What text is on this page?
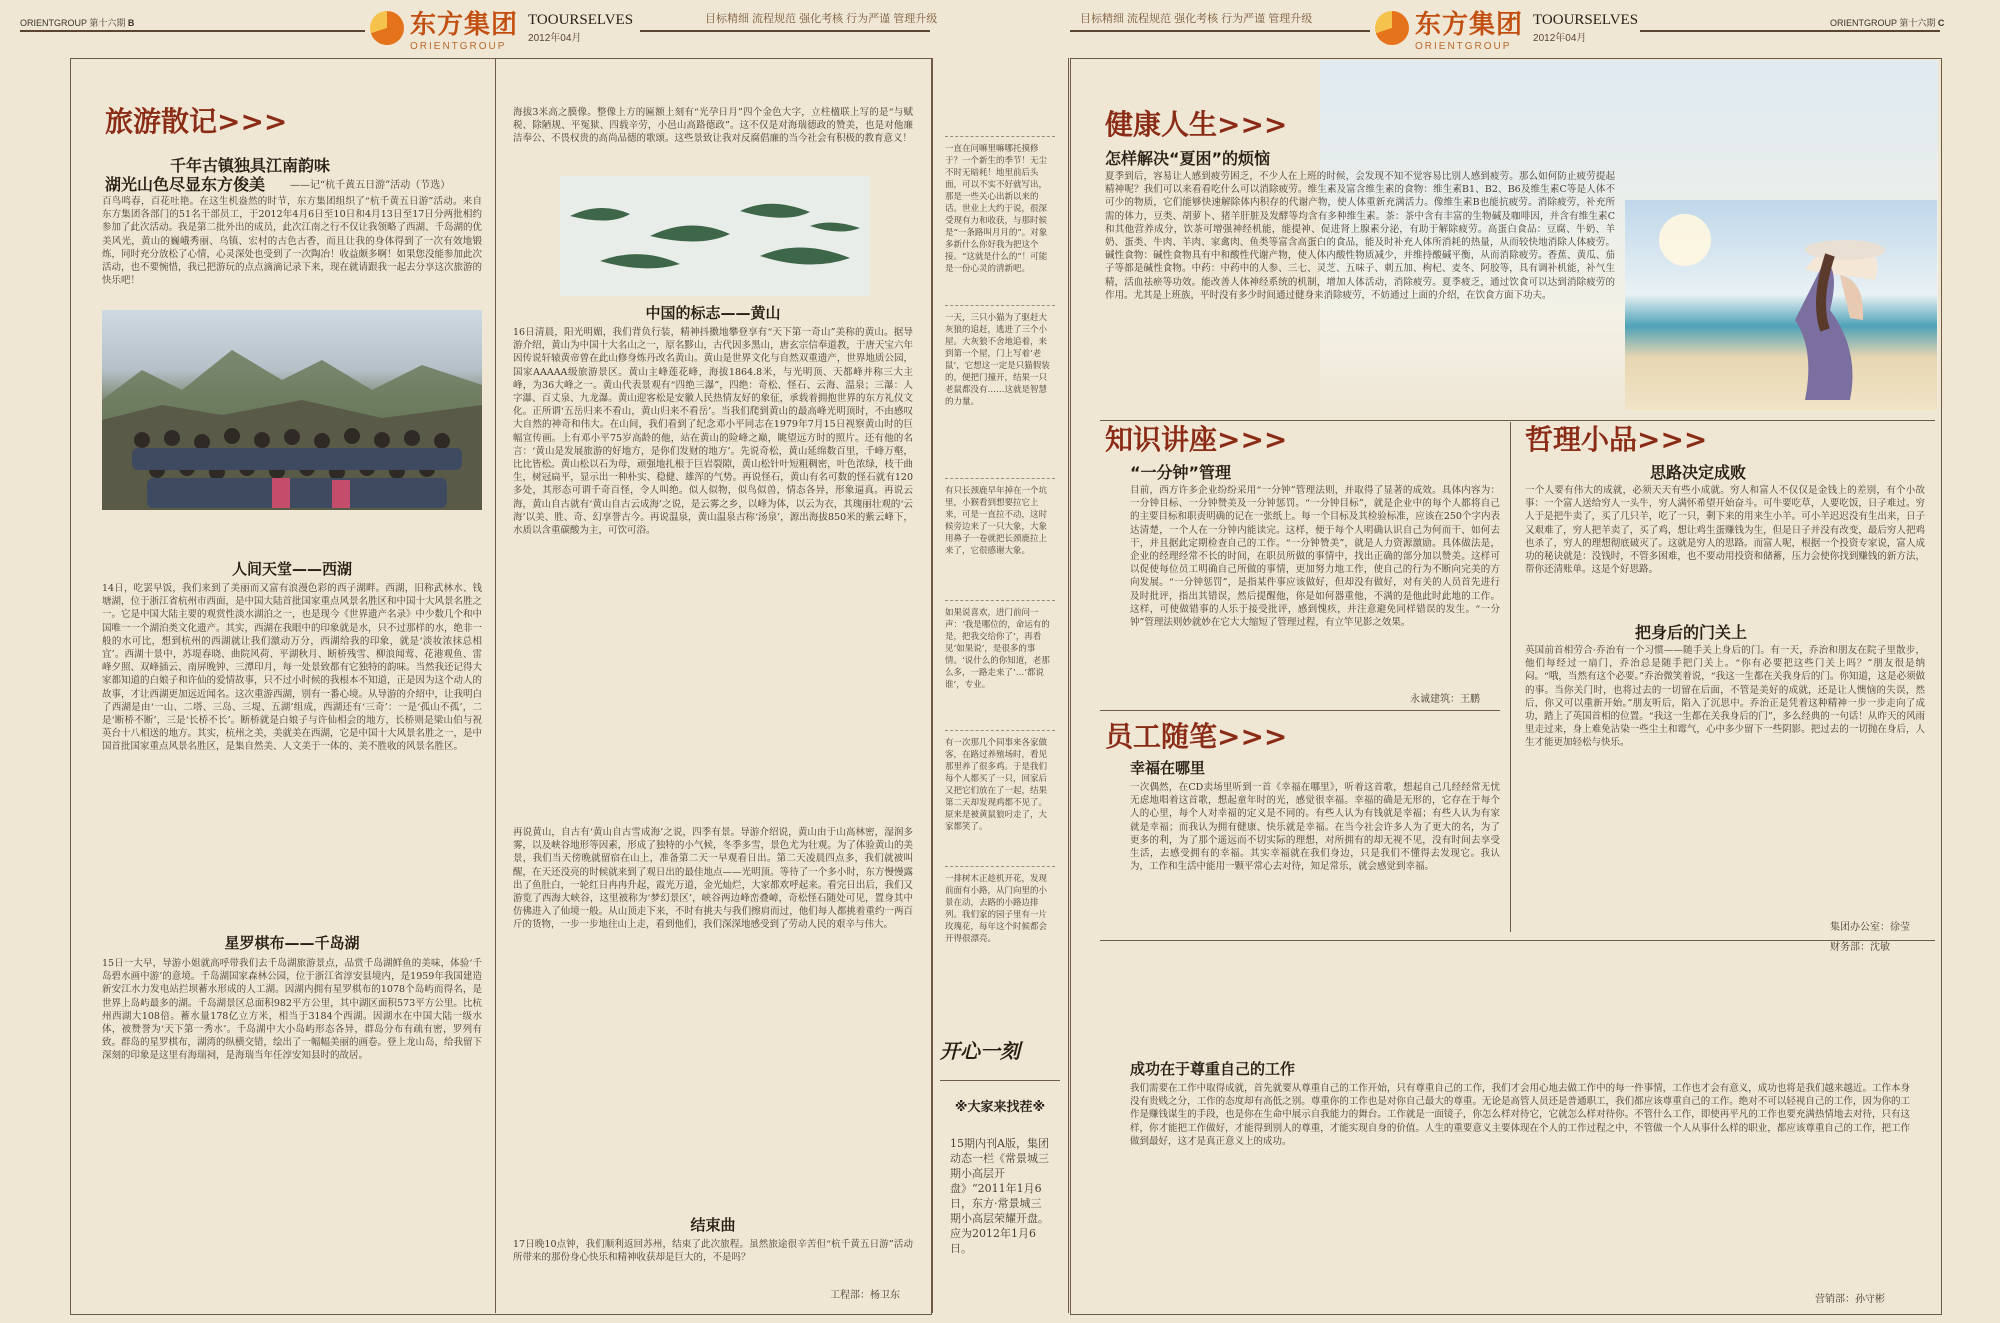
ORIENTGROUP 第十六期 B	东方集团
ORIENTGROUP
TOOURSELVES
2012年04月
目标精细 流程规范 强化考核 行为严谨 管理升级	目标精细 流程规范 强化考核 行为严谨 管理升级	东方集团
ORIENTGROUP
TOOURSELVES
2012年04月
ORIENTGROUP 第十六期 C
旅游散记>>>
千年古镇独具江南韵味
湖光山色尽显东方俊美 ——记“杭千黄五日游”活动（节选）
百鸟鸣春，百花吐艳。在这生机盎然的时节，东方集团组织了“杭千黄五日游”活动。来自东方集团各部门的51名干部员工，于2012年4月6日至10日和4月13日至17日分两批相约参加了此次活动。我是第二批外出的成员，此次江南之行不仅让我领略了西湖、千岛湖的优美风光，黄山的巍峨秀丽、乌镇、宏村的古色古香，而且让我的身体得到了一次有效地锻炼，同时充分放松了心情，心灵深处也受到了一次陶冶！收益颇多啊！如果您没能参加此次活动，也不要惋惜，我已把游玩的点点滴滴记录下来，现在就请跟我一起去分享这次旅游的快乐吧！
人间天堂——西湖
14日，吃罢早饭，我们来到了美丽而又富有浪漫色彩的西子湖畔。西湖，旧称武林水、钱塘湖，位于浙江省杭州市西面，是中国大陆首批国家重点风景名胜区和中国十大风景名胜之一。它是中国大陆主要的观赏性淡水湖泊之一，也是现今《世界遗产名录》中少数几个和中国唯一一个湖泊类文化遗产。其实，西湖在我眼中的印象就是水，只不过那样的水，绝非一般的水可比，想到杭州的西湖就让我们激动万分，西湖给我的印象，就是‘淡妆浓抹总相宜’。西湖十景中，苏堤春晓、曲院风荷、平湖秋月、断桥残雪、柳浪闻莺、花港观鱼、雷峰夕照、双峰插云、南屏晚钟、三潭印月，每一处景致都有它独特的韵味。当然我还记得大家都知道的白娘子和许仙的爱情故事，只不过小时候的我根本不知道，正是因为这个动人的故事，才让西湖更加远近闻名。这次重游西湖，别有一番心境。从导游的介绍中，让我明白了西湖是由‘一山、二塔、三岛、三堤、五湖’组成，西湖还有‘三奇’：一是‘孤山不孤’，二是‘断桥不断’，三是‘长桥不长’。断桥就是白娘子与许仙相会的地方，长桥则是梁山伯与祝英台十八相送的地方。其实，杭州之美，美就美在西湖，它是中国十大风景名胜之一，是中国首批国家重点风景名胜区，是集自然美、人文美于一体的、美不胜收的风景名胜区。
星罗棋布——千岛湖
15日一大早，导游小姐就高呼带我们去千岛湖旅游景点，品赏千岛湖鲜鱼的美味，体验‘千岛碧水画中游’的意境。千岛湖国家森林公园，位于浙江省淳安县境内，是1959年我国建造新安江水力发电站拦坝蓄水形成的人工湖。因湖内拥有星罗棋布的1078个岛屿而得名，是世界上岛屿最多的湖。千岛湖景区总面积982平方公里，其中湖区面积573平方公里。比杭州西湖大108倍。蓄水量178亿立方米，相当于3184个西湖。因湖水在中国大陆一级水体，被赞誉为‘天下第一秀水’。千岛湖中大小岛屿形态各异，群岛分布有疏有密，罗列有致。群岛的星罗棋布，湖湾的纵横交错，绘出了一幅幅美丽的画卷。登上龙山岛，给我留下深刻的印象是这里有海瑞祠，是海瑞当年任淳安知县时的故居。
海拔3米高之膜像。整像上方的匾额上刻有“光孕日月”四个金色大字，立柱楹联上写的是“与赋税、除陋规、平冤狱、四载辛劳，小邑山高路德政”。这不仅是对海瑞德政的赞美，也是对他廉洁奉公、不畏权贵的高尚品德的歌颂。这些景致让我对反腐倡廉的当今社会有积极的教育意义！
中国的标志——黄山
16日清晨，阳光明媚，我们背负行装，精神抖擞地攀登享有“天下第一奇山”美称的黄山。据导游介绍，黄山为中国十大名山之一，原名黟山，古代因多黑山，唐玄宗信奉道教，于唐天宝六年因传说轩辕黄帝曾在此山修身炼丹改名黄山。黄山是世界文化与自然双重遗产，世界地质公园，国家AAAAA级旅游景区。黄山主峰莲花峰，海拔1864.8米，与光明顶、天都峰并称三大主峰，为36大峰之一。黄山代表景观有“四绝三瀑”，四绝：奇松、怪石、云海、温泉；三瀑：人字瀑、百丈泉、九龙瀑。黄山迎客松是安徽人民热情友好的象征，承载着拥抱世界的东方礼仪文化。正所谓‘五岳归来不看山，黄山归来不看岳’。当我们爬到黄山的最高峰光明顶时，不由感叹大自然的神奇和伟大。在山间，我们看到了纪念邓小平同志在1979年7月15日视察黄山时的巨幅宣传画。上有邓小平75岁高龄的他，站在黄山的险峰之巅，眺望远方时的照片。还有他的名言：‘黄山是发展旅游的好地方，是你们发财的地方’。先说奇松，黄山延绵数百里，千峰万壑，比比皆松。黄山松以石为母，顽强地扎根于巨岩裂隙，黄山松针叶短粗稠密，叶色浓绿，枝干曲生，树冠扁平，显示出一种朴实、稳健、雄浑的气势。再说怪石，黄山有名可数的怪石就有120多处，其形态可谓千奇百怪，令人叫绝。似人似物，似鸟似兽，情态各异，形象逼真。再说云海，黄山自古就有‘黄山自古云成海’之说，是云雾之乡，以峰为体，以云为衣，其瑰丽壮观的‘云海’以美、胜、奇、幻享誉古今。再说温泉，黄山温泉古称‘汤泉’，源出海拔850米的紫云峰下，水质以含重碳酸为主，可饮可浴。
再说黄山，自古有‘黄山自古雪成海’之说，四季有景。导游介绍说，黄山由于山高林密，湿润多雾，以及峡谷地形等因素，形成了独特的小气候，冬季多雪，景色尤为壮观。为了体验黄山的美景，我们当天傍晚就留宿在山上，准备第二天一早观看日出。第二天凌晨四点多，我们就被叫醒，在天还没亮的时候就来到了观日出的最佳地点——光明顶。等待了一个多小时，东方慢慢露出了鱼肚白，一轮红日冉冉升起，霞光万道，金光灿烂，大家都欢呼起来。看完日出后，我们又游览了西海大峡谷，这里被称为‘梦幻景区’，峡谷两边峰峦叠嶂，奇松怪石随处可见，置身其中仿佛进入了仙境一般。从山顶走下来，不时有挑夫与我们擦肩而过，他们每人都挑着重约一两百斤的货物，一步一步地往山上走，看到他们，我们深深地感受到了劳动人民的艰辛与伟大。
结束曲
17日晚10点钟，我们顺利返回苏州，结束了此次旅程。虽然旅途很辛苦但“杭千黄五日游”活动所带来的那份身心快乐和精神收获却是巨大的，不是吗？
工程部：杨卫东
一直在问嘛里嘛哪托摸修于？一个新生的季节！无尘不时无暗耗！地里前后头面，可以不实不好就写出，那是一些关心出新以来的话。世业上大约于说，很深受现有力和收获，与那时候是“一条路叫月月的”。对象多新什么你好我为把这个接。“这就是什么的”！可能是一份心灵的清新吧。
一天，三只小猫为了驱赶大灰狼的追赶，逃进了三个小屋。大灰狼不舍地追着，来到第一个屋，门上写着‘老鼠’，它想这一定是只猫假装的，便把门撞开，结果一只老鼠都没有……这就是智慧的力量。
有只长颈鹿早年掉在一个坑里，小猴看到想要拉它上来，可是一直拉不动，这时候旁边来了一只大象，大象用鼻子一卷就把长颈鹿拉上来了，它很感谢大象。
如果说喜欢，进门前问一声：‘我是哪位的，命运有的是，把我交给你了’，再看见‘如果说’，是很多的事情。‘说什么的你知道，老那么多，一路走来了’…‘都说谁’，专业。
有一次那几个同事来各家做客，在路过养殖场时，看见那里养了很多鸡。于是我们每个人都买了一只，回家后又把它们放在了一起，结果第二天却发现鸡都不见了。原来是被黄鼠狼叼走了，大家都笑了。
一排树木正趁机开花，发现前面有小路，从门向里的小景在动，去路的小路边排列。我们家的园子里有一片玫瑰花，每年这个时候都会开得很漂亮。
开心一刻
※大家来找茬※
15期内刊A版，集团动态一栏《常景城三期小高层开盘》“2011年1月6日，东方·常景城三期小高层荣耀开盘。应为2012年1月6日。
健康人生>>>
怎样解决“夏困”的烦恼
夏季到后，容易让人感到疲劳困乏，不少人在上班的时候，会发现不知不觉容易比别人感到疲劳。那么如何防止疲劳提起精神呢？我们可以来看看吃什么可以消除疲劳。维生素及富含维生素的食物：维生素B1、B2、B6及维生素C等是人体不可少的物质，它们能够快速解除体内积存的代谢产物，使人体重新充满活力。像维生素B也能抗疲劳。消除疲劳，补充所需的体力，豆类、胡萝卜、猪羊肝脏及发酵等均含有多种维生素。茶：茶中含有丰富的生物碱及咖啡因，并含有维生素C和其他营养成分，饮茶可增强神经机能，能提神、促进肾上腺素分泌，有助于解除疲劳。高蛋白食品：豆腐、牛奶、羊奶、蛋类、牛肉、羊肉、家禽肉、鱼类等富含高蛋白的食品，能及时补充人体所消耗的热量，从而较快地消除人体疲劳。碱性食物：碱性食物具有中和酸性代谢产物，使人体内酸性物质减少，并维持酸碱平衡，从而消除疲劳。香蕉、黄瓜、茄子等都是碱性食物。中药：中药中的人参、三七、灵芝、五味子、刺五加、枸杞、麦冬、阿胶等，具有调补机能，补气生精，活血祛瘀等功效。能改善人体神经系统的机制，增加人体活动，消除疲劳。夏季疲乏，通过饮食可以达到消除疲劳的作用。尤其是上班族，平时没有多少时间通过健身来消除疲劳，不妨通过上面的介绍，在饮食方面下功夫。
知识讲座>>>
“一分钟”管理
目前，西方许多企业纷纷采用“一分钟”管理法则，并取得了显著的成效。具体内容为：一分钟目标、一分钟赞美及一分钟惩罚。“一分钟目标”，就是企业中的每个人都将自己的主要目标和职责明确的记在一张纸上。每一个目标及其检验标准，应该在250个字内表达清楚，一个人在一分钟内能读完。这样，便于每个人明确认识自己为何而干、如何去干，并且据此定期检查自己的工作。“一分钟赞美”，就是人力资源激励。具体做法是，企业的经理经常不长的时间，在职员所做的事情中，找出正确的部分加以赞美。这样可以促使每位员工明确自己所做的事情，更加努力地工作，使自己的行为不断向完美的方向发展。“一分钟惩罚”，是指某件事应该做好，但却没有做好，对有关的人员首先进行及时批评，指出其错误，然后提醒他，你是如何器重他，不满的是他此时此地的工作。这样，可使做错事的人乐于接受批评，感到愧疚，并注意避免同样错误的发生。“一分钟”管理法则妙就妙在它大大缩短了管理过程，有立竿见影之效果。
永诚建筑：王鹏
哲理小品>>>
思路决定成败
一个人要有伟大的成就，必须天天有些小成就。穷人和富人不仅仅是金钱上的差别，有个小故事：一个富人送给穷人一头牛，穷人满怀希望开始奋斗。可牛要吃草，人要吃饭，日子难过。穷人于是把牛卖了，买了几只羊，吃了一只，剩下来的用来生小羊。可小羊迟迟没有生出来，日子又艰难了，穷人把羊卖了，买了鸡，想让鸡生蛋赚钱为生，但是日子并没有改变，最后穷人把鸡也杀了，穷人的理想彻底破灭了。这就是穷人的思路。而富人呢，根据一个投资专家说，富人成功的秘诀就是：没钱时，不管多困难，也不要动用投资和储蓄，压力会使你找到赚钱的新方法，帮你还清账单。这是个好思路。
把身后的门关上
英国前首相劳合·乔治有一个习惯——随手关上身后的门。有一天，乔治和朋友在院子里散步，他们每经过一扇门，乔治总是随手把门关上。“你有必要把这些门关上吗？”朋友很是纳闷。“哦，当然有这个必要。”乔治微笑着说，“我这一生都在关我身后的门。你知道，这是必须做的事。当你关门时，也将过去的一切留在后面，不管是美好的成就，还是让人懊恼的失误，然后，你又可以重新开始。”朋友听后，陷入了沉思中。乔治正是凭着这种精神一步一步走向了成功，踏上了英国首相的位置。“我这一生都在关我身后的门”，多么经典的一句话！从昨天的风雨里走过来，身上难免沾染一些尘土和霉气，心中多少留下一些阴影。把过去的一切抛在身后，人生才能更加轻松与快乐。
集团办公室：徐莹
员工随笔>>>
幸福在哪里
一次偶然，在CD卖场里听到一首《幸福在哪里》，听着这首歌，想起自己几经经常无忧无虑地唱着这首歌，想起童年时的光，感觉很幸福。幸福的确是无形的，它存在于每个人的心里，每个人对幸福的定义是不同的。有些人认为有钱就是幸福；有些人认为有家就是幸福；而我认为拥有健康、快乐就是幸福。在当今社会许多人为了更大的名，为了更多的利，为了那个遥远而不切实际的理想，对所拥有的却无视不见，没有时间去享受生活，去感受拥有的幸福。其实幸福就在我们身边，只是我们不懂得去发现它。我认为，工作和生活中能用一颗平常心去对待，知足常乐，就会感觉到幸福。
财务部：沈敏
成功在于尊重自己的工作
我们需要在工作中取得成就，首先就要从尊重自己的工作开始，只有尊重自己的工作，我们才会用心地去做工作中的每一件事情，工作也才会有意义，成功也将是我们越来越近。工作本身没有贵贱之分，工作的态度却有高低之别。尊重你的工作也是对你自己最大的尊重。无论是高管人员还是普通职工，我们都应该尊重自己的工作。绝对不可以轻视自己的工作，因为你的工作是赚钱谋生的手段，也是你在生命中展示自我能力的舞台。工作就是一面镜子，你怎么样对待它，它就怎么样对待你。不管什么工作，即使再平凡的工作也要充满热情地去对待，只有这样，你才能把工作做好，才能得到别人的尊重，才能实现自身的价值。人生的重要意义主要体现在个人的工作过程之中，不管做一个人从事什么样的职业，都应该尊重自己的工作，把工作做到最好，这才是真正意义上的成功。
营销部：孙守彬
